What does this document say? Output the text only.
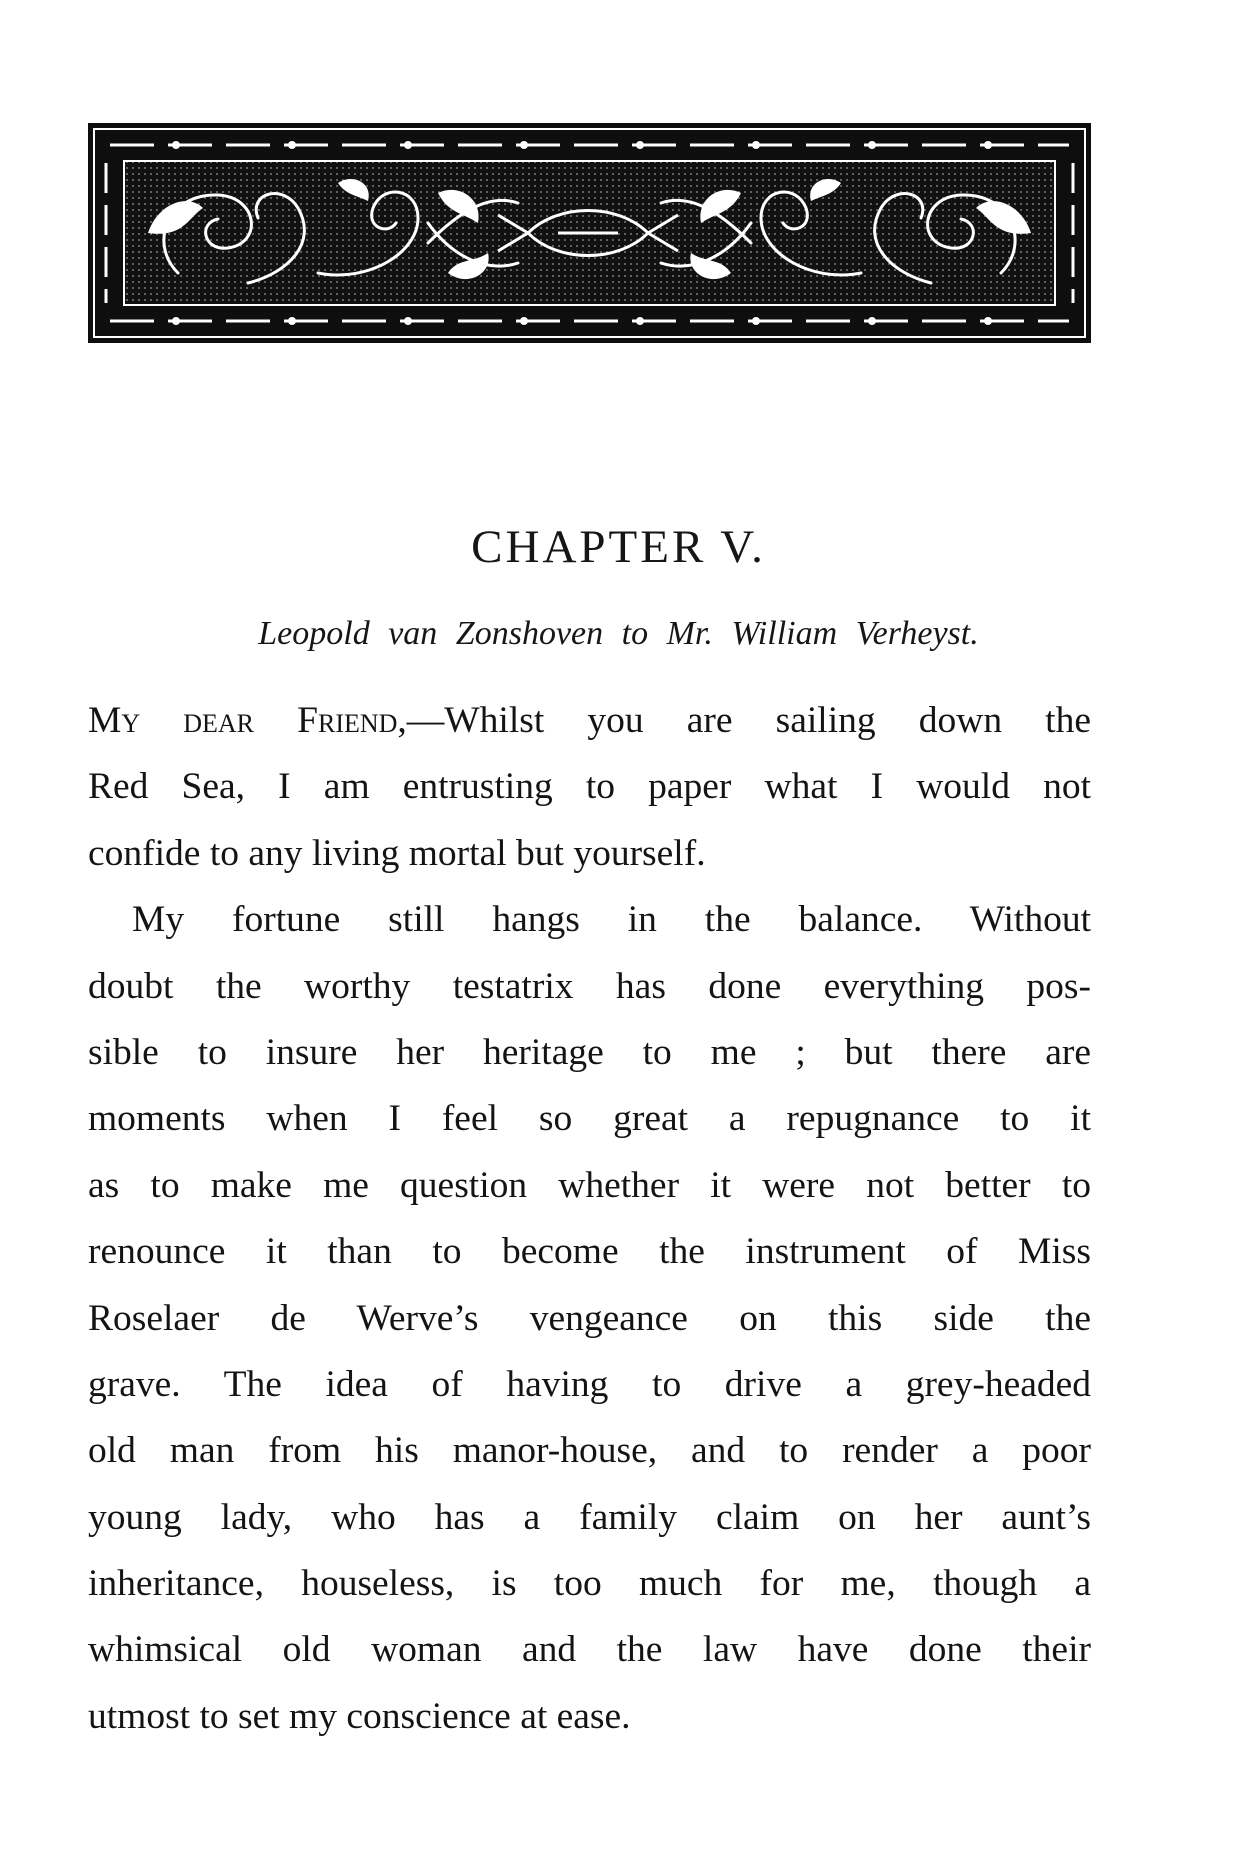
CHAPTER V.
Leopold van Zonshoven to Mr. William Verheyst.
My dear Friend,—Whilst you are sailing down the
Red Sea, I am entrusting to paper what I would not
confide to any living mortal but yourself.
My fortune still hangs in the balance. Without
doubt the worthy testatrix has done everything pos-
sible to insure her heritage to me ; but there are
moments when I feel so great a repugnance to it
as to make me question whether it were not better to
renounce it than to become the instrument of Miss
Roselaer de Werve’s vengeance on this side the
grave. The idea of having to drive a grey-headed
old man from his manor-house, and to render a poor
young lady, who has a family claim on her aunt’s
inheritance, houseless, is too much for me, though a
whimsical old woman and the law have done their
utmost to set my conscience at ease.
